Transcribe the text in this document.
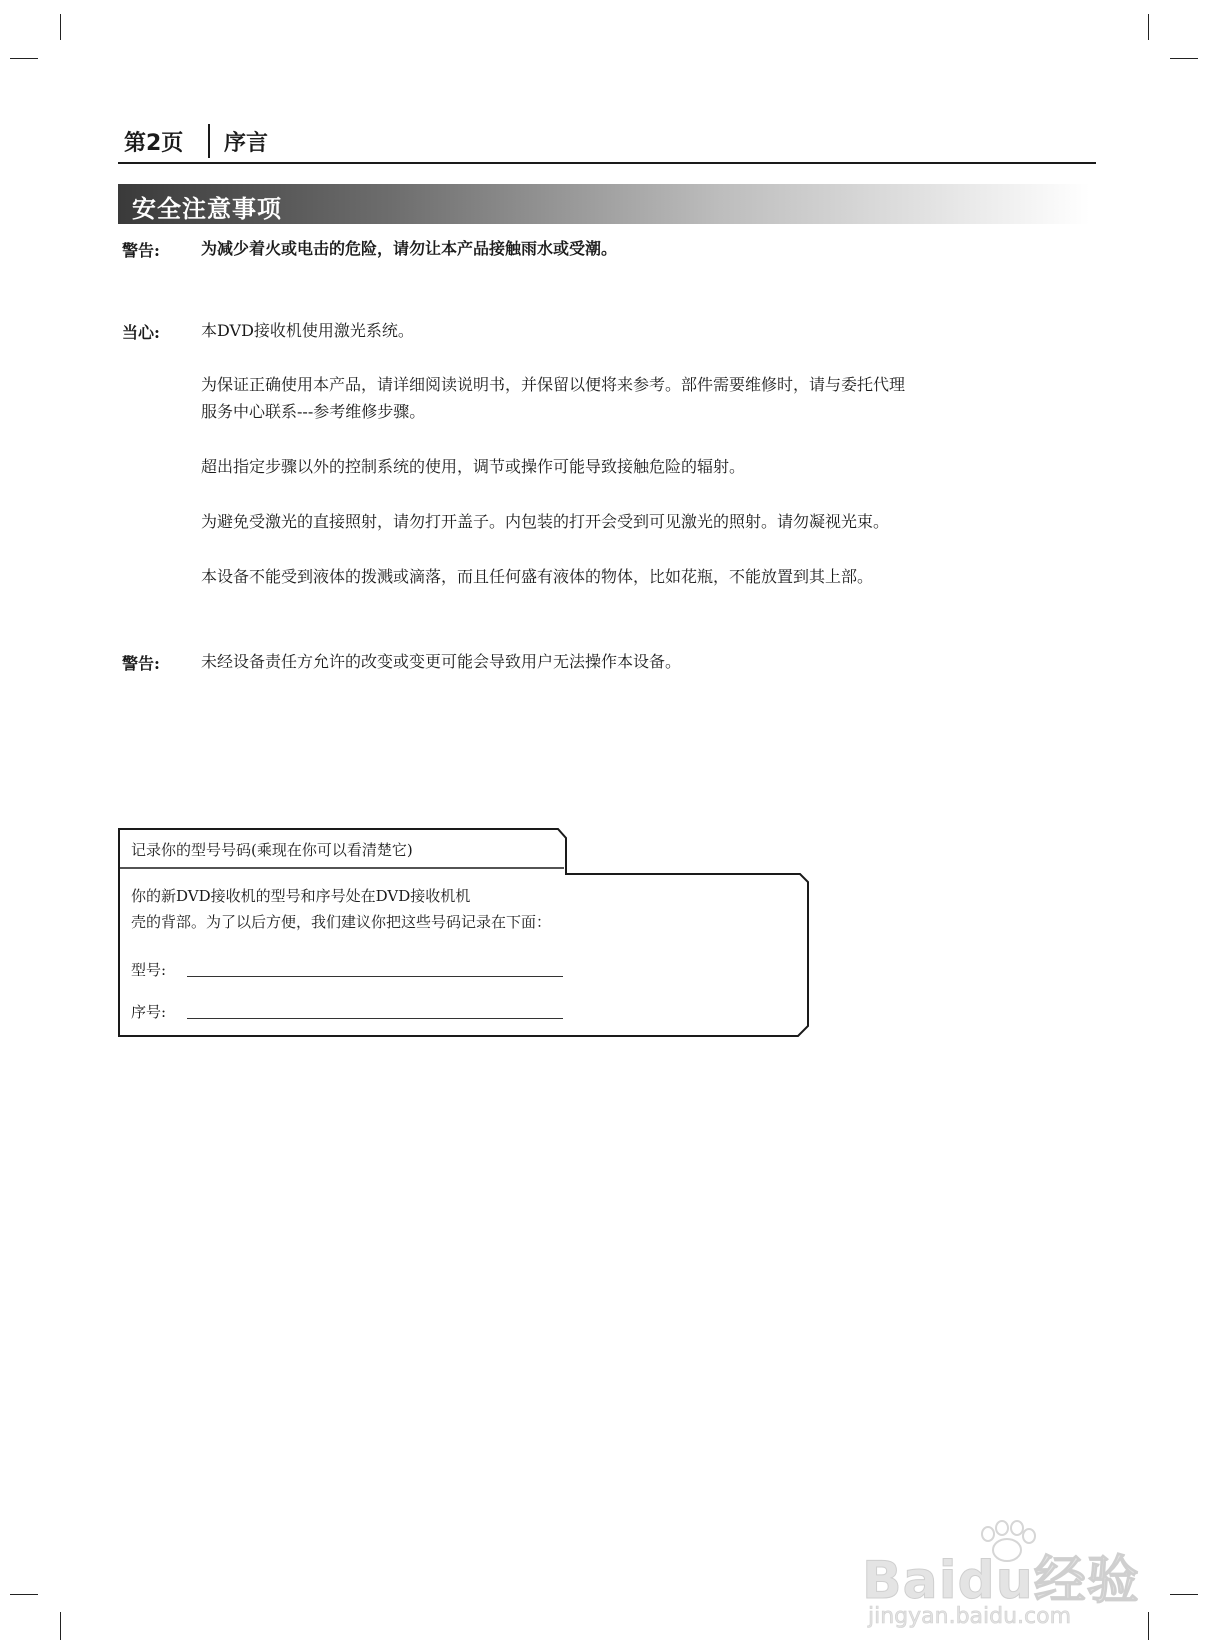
第2页 序言
安全注意事项
警告:	为减少着火或电击的危险，请勿让本产品接触雨水或受潮。
当心:	本DVD接收机使用激光系统。
为保证正确使用本产品，请详细阅读说明书，并保留以便将来参考。部件需要维修时，请与委托代理
服务中心联系---参考维修步骤。
超出指定步骤以外的控制系统的使用，调节或操作可能导致接触危险的辐射。
为避免受激光的直接照射，请勿打开盖子。内包装的打开会受到可见激光的照射。请勿凝视光束。
本设备不能受到液体的拨溅或滴落，而且任何盛有液体的物体，比如花瓶，不能放置到其上部。
警告:	未经设备责任方允许的改变或变更可能会导致用户无法操作本设备。
记录你的型号号码(乘现在你可以看清楚它)
你的新DVD接收机的型号和序号处在DVD接收机机
壳的背部。为了以后方便，我们建议你把这些号码记录在下面：
型号:
序号:
Baidu经验
jingyan.baidu.com
